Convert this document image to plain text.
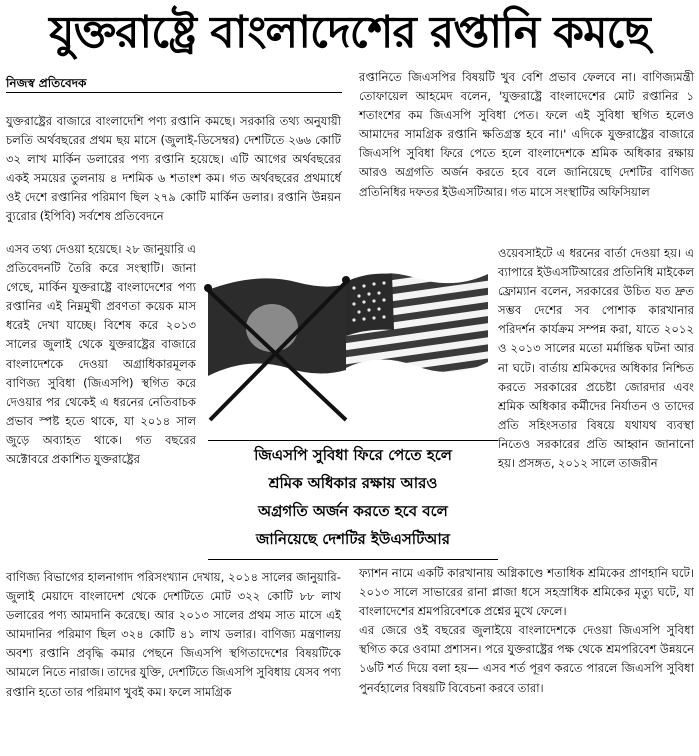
যুক্তরাষ্ট্রে বাংলাদেশের রপ্তানি কমছে
নিজস্ব প্রতিবেদক

যুক্তরাষ্ট্রের বাজারে বাংলাদেশি পণ্য রপ্তানি কমছে। সরকারি তথ্য অনুযায়ী চলতি অর্থবছরের প্রথম ছয় মাসে (জুলাই-ডিসেম্বর) দেশটিতে ২৬৬ কোটি ৩২ লাখ মার্কিন ডলারের পণ্য রপ্তানি হয়েছে। এটি আগের অর্থবছরের একই সময়ের তুলনায় ৪ দশমিক ৬ শতাংশ কম। গত অর্থবছরের প্রথমার্ধে ওই দেশে রপ্তানির পরিমাণ ছিল ২৭৯ কোটি মার্কিন ডলার। রপ্তানি উন্নয়ন ব্যুরোর (ইপিবি) সর্বশেষ প্রতিবেদনে

এসব তথ্য দেওয়া হয়েছে। ২৮ জানুয়ারি এ প্রতিবেদনটি তৈরি করে সংস্থাটি। জানা গেছে, মার্কিন যুক্তরাষ্ট্রে বাংলাদেশের পণ্য রপ্তানির এই নিম্নমুখী প্রবণতা কয়েক মাস ধরেই দেখা যাচ্ছে। বিশেষ করে ২০১৩ সালের জুলাই থেকে যুক্তরাষ্ট্রের বাজারে বাংলাদেশকে দেওয়া অগ্রাধিকারমূলক বাণিজ্য সুবিধা (জিএসপি) স্থগিত করে দেওয়ার পর থেকেই এ ধরনের নেতিবাচক প্রভাব স্পষ্ট হতে থাকে, যা ২০১৪ সাল জুড়ে অব্যাহত থাকে। গত বছরের অক্টোবরে প্রকাশিত যুক্তরাষ্ট্রের

বাণিজ্য বিভাগের হালনাগাদ পরিসংখ্যান দেখায়, ২০১৪ সালের জানুয়ারি-জুলাই মেয়াদে বাংলাদেশ থেকে দেশটিতে মোট ৩২২ কোটি ৮৮ লাখ ডলারের পণ্য আমদানি করেছে। আর ২০১৩ সালের প্রথম সাত মাসে এই আমদানির পরিমাণ ছিল ৩২৪ কোটি ৪১ লাখ ডলার। বাণিজ্য মন্ত্রণালয় অবশ্য রপ্তানি প্রবৃদ্ধি কমার পেছনে জিএসপি স্থগিতাদেশের বিষয়টিকে আমলে নিতে নারাজ। তাদের যুক্তি, দেশটিতে জিএসপি সুবিধায় যেসব পণ্য রপ্তানি হতো তার পরিমাণ খুবই কম। ফলে সামগ্রিক

রপ্তানিতে জিএসপির বিষয়টি খুব বেশি প্রভাব ফেলবে না। বাণিজ্যমন্ত্রী তোফায়েল আহমেদ বলেন, 'যুক্তরাষ্ট্রে বাংলাদেশের মোট রপ্তানির ১ শতাংশের কম জিএসপি সুবিধা পেত। ফলে এই সুবিধা স্থগিত হলেও আমাদের সামগ্রিক রপ্তানি ক্ষতিগ্রস্ত হবে না।' এদিকে যুক্তরাষ্ট্রের বাজারে জিএসপি সুবিধা ফিরে পেতে হলে বাংলাদেশকে শ্রমিক অধিকার রক্ষায় আরও অগ্রগতি অর্জন করতে হবে বলে জানিয়েছে দেশটির বাণিজ্য প্রতিনিধির দফতর ইউএসটিআর। গত মাসে সংস্থাটির অফিসিয়াল

ওয়েবসাইটে এ ধরনের বার্তা দেওয়া হয়। এ ব্যাপারে ইউএসটিআরের প্রতিনিধি মাইকেল ফ্রোম্যান বলেন, সরকারের উচিত যত দ্রুত সম্ভব দেশের সব পোশাক কারখানার পরিদর্শন কার্যক্রম সম্পন্ন করা, যাতে ২০১২ ও ২০১৩ সালের মতো মর্মান্তিক ঘটনা আর না ঘটে। বার্তায় শ্রমিকদের অধিকার নিশ্চিত করতে সরকারের প্রচেষ্টা জোরদার এবং শ্রমিক অধিকার কর্মীদের নির্যাতন ও তাদের প্রতি সহিংসতার বিষয়ে যথাযথ ব্যবস্থা নিতেও সরকারের প্রতি আহ্বান জানানো হয়। প্রসঙ্গত, ২০১২ সালে তাজরীন

ফ্যাশন নামে একটি কারখানায় অগ্নিকাণ্ডে শতাধিক শ্রমিকের প্রাণহানি ঘটে। ২০১৩ সালে সাভারের রানা প্লাজা ধসে সহস্রাধিক শ্রমিকের মৃত্যু ঘটে, যা বাংলাদেশের শ্রমপরিবেশকে প্রশ্নের মুখে ফেলে।

এর জেরে ওই বছরের জুলাইয়ে বাংলাদেশকে দেওয়া জিএসপি সুবিধা স্থগিত করে ওবামা প্রশাসন। পরে যুক্তরাষ্ট্রের পক্ষ থেকে শ্রমপরিবেশ উন্নয়নে ১৬টি শর্ত দিয়ে বলা হয়— এসব শর্ত পূরণ করতে পারলে জিএসপি সুবিধা পুনর্বহালের বিষয়টি বিবেচনা করবে তারা।

জিএসপি সুবিধা ফিরে পেতে হলে
শ্রমিক অধিকার রক্ষায় আরও
অগ্রগতি অর্জন করতে হবে বলে
জানিয়েছে দেশটির ইউএসটিআর
